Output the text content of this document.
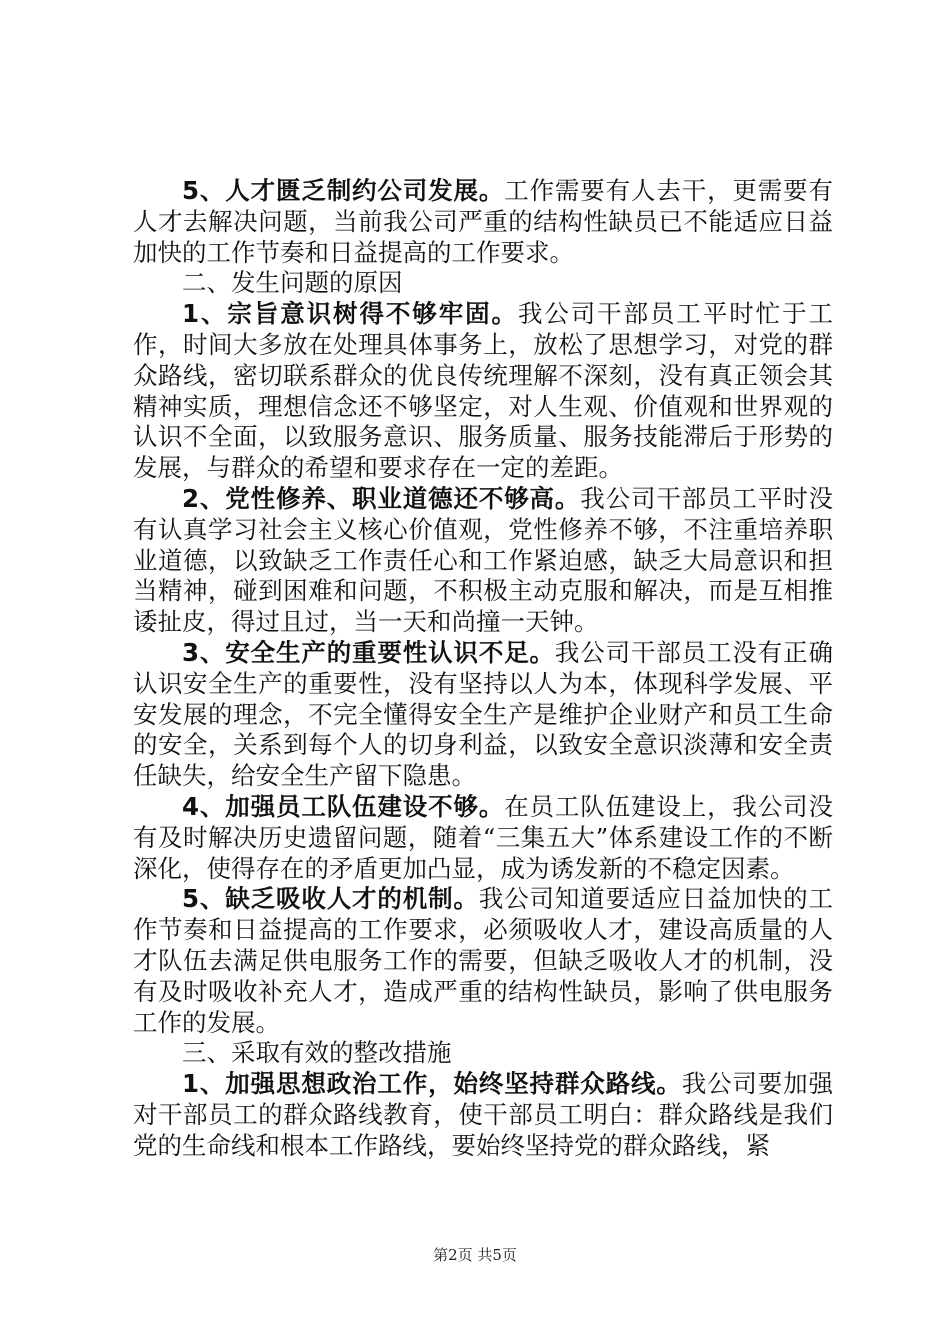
5、人才匮乏制约公司发展。工作需要有人去干，更需要有人才去解决问题，当前我公司严重的结构性缺员已不能适应日益加快的工作节奏和日益提高的工作要求。

二、发生问题的原因

1、宗旨意识树得不够牢固。我公司干部员工平时忙于工作，时间大多放在处理具体事务上，放松了思想学习，对党的群众路线，密切联系群众的优良传统理解不深刻，没有真正领会其精神实质，理想信念还不够坚定，对人生观、价值观和世界观的认识不全面，以致服务意识、服务质量、服务技能滞后于形势的发展，与群众的希望和要求存在一定的差距。

2、党性修养、职业道德还不够高。我公司干部员工平时没有认真学习社会主义核心价值观，党性修养不够，不注重培养职业道德，以致缺乏工作责任心和工作紧迫感，缺乏大局意识和担当精神，碰到困难和问题，不积极主动克服和解决，而是互相推诿扯皮，得过且过，当一天和尚撞一天钟。

3、安全生产的重要性认识不足。我公司干部员工没有正确认识安全生产的重要性，没有坚持以人为本，体现科学发展、平安发展的理念，不完全懂得安全生产是维护企业财产和员工生命的安全，关系到每个人的切身利益，以致安全意识淡薄和安全责任缺失，给安全生产留下隐患。

4、加强员工队伍建设不够。在员工队伍建设上，我公司没有及时解决历史遗留问题，随着“三集五大”体系建设工作的不断深化，使得存在的矛盾更加凸显，成为诱发新的不稳定因素。

5、缺乏吸收人才的机制。我公司知道要适应日益加快的工作节奏和日益提高的工作要求，必须吸收人才，建设高质量的人才队伍去满足供电服务工作的需要，但缺乏吸收人才的机制，没有及时吸收补充人才，造成严重的结构性缺员，影响了供电服务工作的发展。

三、采取有效的整改措施

1、加强思想政治工作，始终坚持群众路线。我公司要加强对干部员工的群众路线教育，使干部员工明白：群众路线是我们党的生命线和根本工作路线，要始终坚持党的群众路线，紧

第2页 共5页
